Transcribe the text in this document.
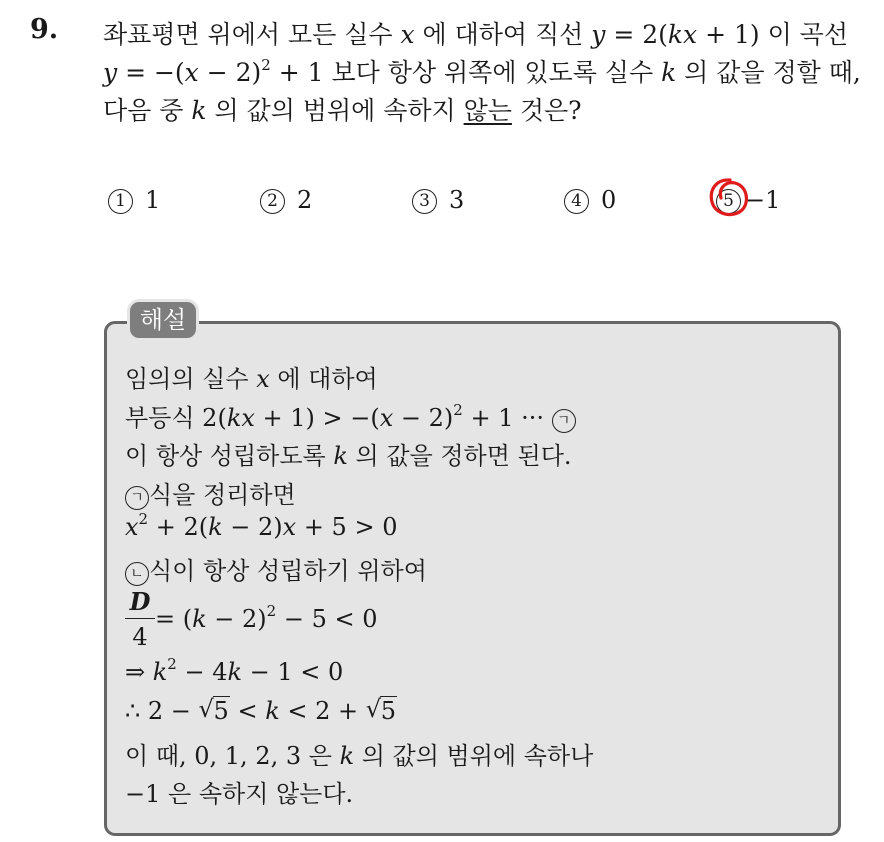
9. 좌표평면 위에서 모든 실수 x 에 대하여 직선 y = 2(kx + 1) 이 곡선
$y = -(x - 2)^2 + 1$ 보다 항상 위쪽에 있도록 실수 k 의 값을 정할 때,
다음 중 k 의 값의 범위에 속하지 않는 것은?
1 1	2 2	3 3	4 0	5 −1
해설
임의의 실수 x 에 대하여
부등식 $2(kx + 1) > -(x - 2)^2 + 1$ ··· ㄱ
이 항상 성립하도록 k 의 값을 정하면 된다.
ㄱ 식을 정리하면
$x^2 + 2(k - 2)x + 5 > 0$
ㄴ 식이 항상 성립하기 위하여
D
4
= $(k - 2)^2 - 5 < 0$
⇒ $k^2 - 4k - 1 < 0$
∴ 2 − √ 5 < k < 2 + √ 5
이 때, 0, 1, 2, 3 은 k 의 값의 범위에 속하나
−1 은 속하지 않는다.
